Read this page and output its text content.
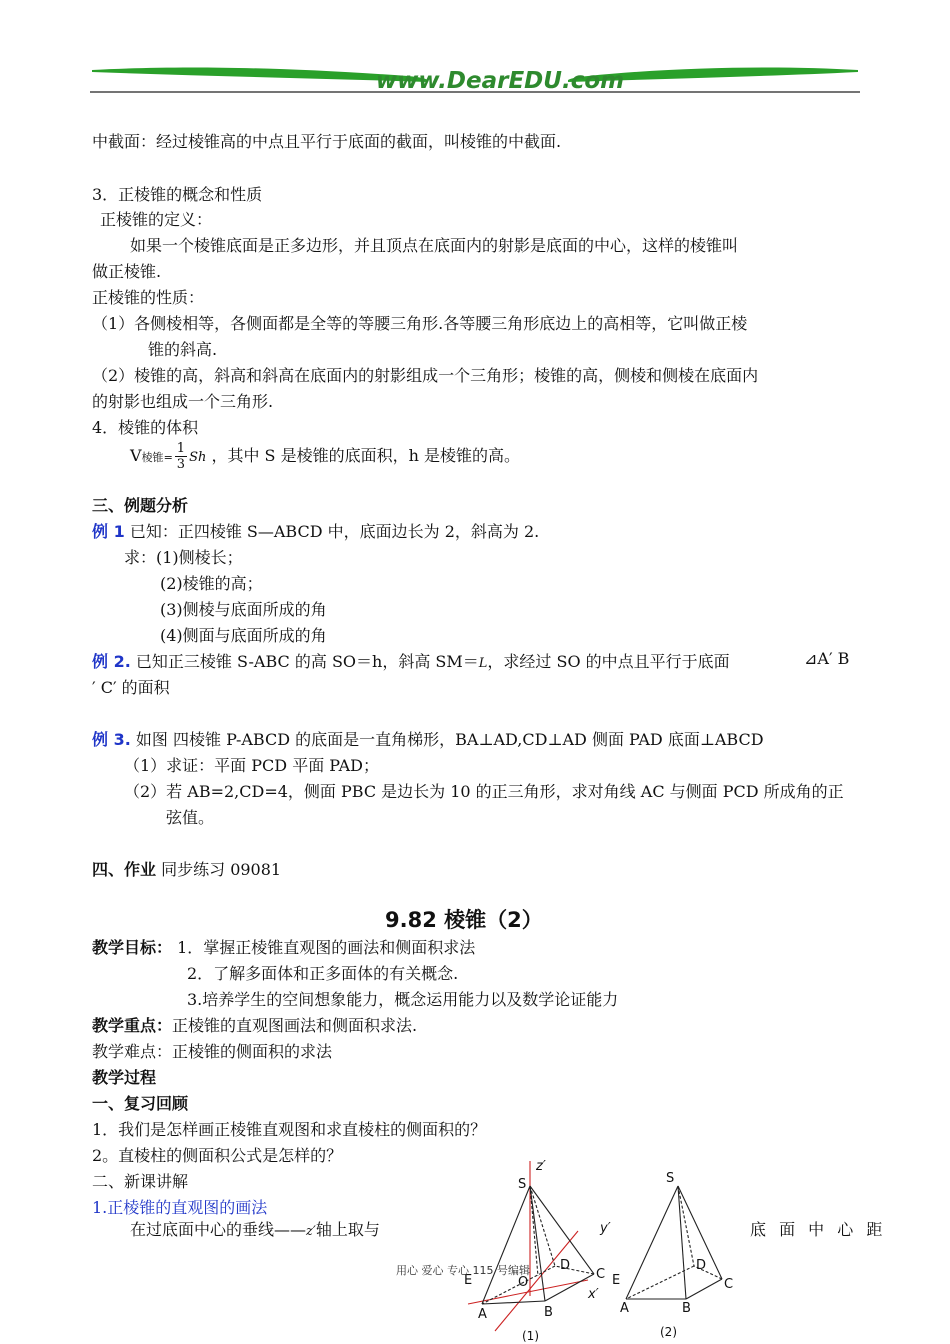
www.DearEDU.com
中截面：经过棱锥高的中点且平行于底面的截面，叫棱锥的中截面.
3．正棱锥的概念和性质
正棱锥的定义：
如果一个棱锥底面是正多边形，并且顶点在底面内的射影是底面的中心，这样的棱锥叫
做正棱锥.
正棱锥的性质：
（1）各侧棱相等，各侧面都是全等的等腰三角形.各等腰三角形底边上的高相等，它叫做正棱
锥的斜高.
（2）棱锥的高，斜高和斜高在底面内的射影组成一个三角形；棱锥的高，侧棱和侧棱在底面内
的射影也组成一个三角形.
4．棱锥的体积
V棱锥= $\frac{1}{3}$ Sh ，其中 S 是棱锥的底面积，h 是棱锥的高。
三、例题分析
例 1 已知：正四棱锥 S—ABCD 中，底面边长为 2，斜高为 2.
求：(1)侧棱长；
(2)棱锥的高；
(3)侧棱与底面所成的角
(4)侧面与底面所成的角
例 2. 已知正三棱锥 S-ABC 的高 SO＝h，斜高 SM＝L，求经过 SO 的中点且平行于底面	⊿A′ B
′ C′ 的面积
例 3. 如图 四棱锥 P-ABCD 的底面是一直角梯形，BA⊥AD,CD⊥AD 侧面 PAD 底面⊥ABCD
（1）求证：平面 PCD 平面 PAD；
（2）若 AB=2,CD=4，侧面 PBC 是边长为 10 的正三角形，求对角线 AC 与侧面 PCD 所成角的正
弦值。
四、作业 同步练习 09081
9.82 棱锥（2）
教学目标： 1．掌握正棱锥直观图的画法和侧面积求法
2．了解多面体和正多面体的有关概念.
3.培养学生的空间想象能力，概念运用能力以及数学论证能力
教学重点：正棱锥的直观图画法和侧面积求法.
教学难点：正棱锥的侧面积的求法
教学过程
一、复习回顾
1．我们是怎样画正棱锥直观图和求直棱柱的侧面积的？
2。直棱柱的侧面积公式是怎样的？
二、新课讲解
1.正棱锥的直观图的画法
在过底面中心的垂线——z′轴上取与	底 面 中 心 距
z′
S
y′
D
E	O
C
x′
A	B
(1)
S
D
E	C
A	B
(2)
用心 爱心 专心 115 号编辑
